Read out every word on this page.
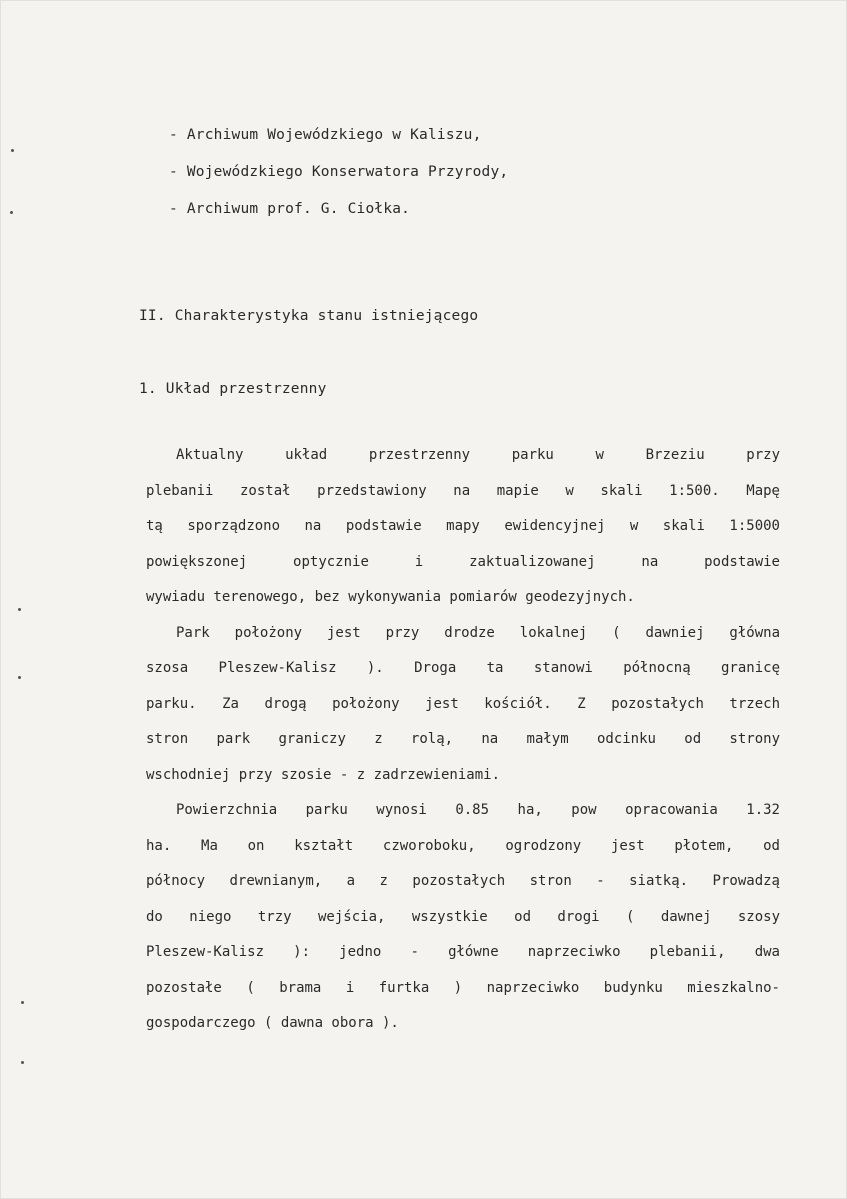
- Archiwum Wojewódzkiego w Kaliszu,
- Wojewódzkiego Konserwatora Przyrody,
- Archiwum prof. G. Ciołka.
II. Charakterystyka stanu istniejącego
1. Układ przestrzenny
Aktualny układ przestrzenny parku w Brzeziu przy
plebanii został przedstawiony na mapie w skali 1:500. Mapę
tą sporządzono na podstawie mapy ewidencyjnej w skali 1:5000
powiększonej optycznie i zaktualizowanej na podstawie
wywiadu terenowego, bez wykonywania pomiarów geodezyjnych.
Park położony jest przy drodze lokalnej ( dawniej główna
szosa Pleszew-Kalisz ). Droga ta stanowi północną granicę
parku. Za drogą położony jest kościół. Z pozostałych trzech
stron park graniczy z rolą, na małym odcinku od strony
wschodniej przy szosie - z zadrzewieniami.
Powierzchnia parku wynosi 0.85 ha, pow opracowania 1.32
ha. Ma on kształt czworoboku, ogrodzony jest płotem, od
północy drewnianym, a z pozostałych stron - siatką. Prowadzą
do niego trzy wejścia, wszystkie od drogi ( dawnej szosy
Pleszew-Kalisz ): jedno - główne naprzeciwko plebanii, dwa
pozostałe ( brama i furtka ) naprzeciwko budynku mieszkalno-
gospodarczego ( dawna obora ).
